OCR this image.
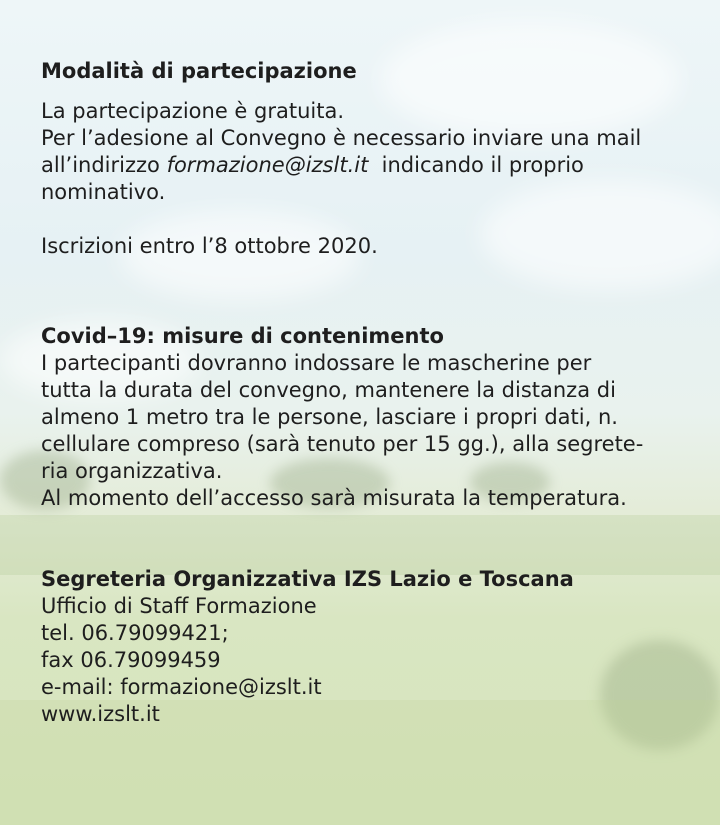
Modalità di partecipazione

La partecipazione è gratuita.

Per l’adesione al Convegno è necessario inviare una mail

all’indirizzo formazione@izslt.it  indicando il proprio

nominativo.

Iscrizioni entro l’8 ottobre 2020.

Covid–19: misure di contenimento

I partecipanti dovranno indossare le mascherine per

tutta la durata del convegno, mantenere la distanza di

almeno 1 metro tra le persone, lasciare i propri dati, n.

cellulare compreso (sarà tenuto per 15 gg.), alla segrete-

ria organizzativa.

Al momento dell’accesso sarà misurata la temperatura.

Segreteria Organizzativa IZS Lazio e Toscana

Ufficio di Staff Formazione

tel. 06.79099421;

fax 06.79099459

e-mail: formazione@izslt.it

www.izslt.it
